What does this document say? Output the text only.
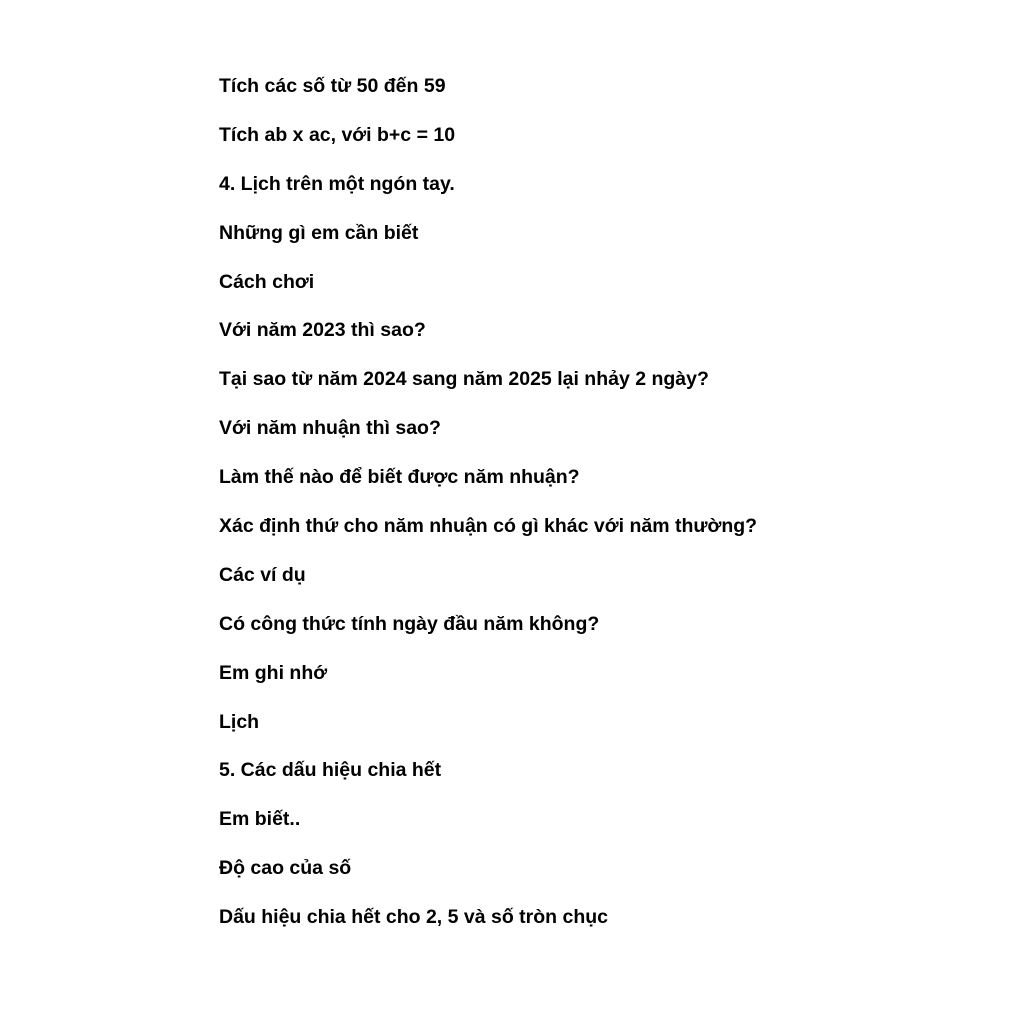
Tích các số từ 50 đến 59
Tích ab x ac, với b+c = 10
4. Lịch trên một ngón tay.
Những gì em cần biết
Cách chơi
Với năm 2023 thì sao?
Tại sao từ năm 2024 sang năm 2025 lại nhảy 2 ngày?
Với năm nhuận thì sao?
Làm thế nào để biết được năm nhuận?
Xác định thứ cho năm nhuận có gì khác với năm thường?
Các ví dụ
Có công thức tính ngày đầu năm không?
Em ghi nhớ
Lịch
5. Các dấu hiệu chia hết
Em biết..
Độ cao của số
Dấu hiệu chia hết cho 2, 5 và số tròn chục
